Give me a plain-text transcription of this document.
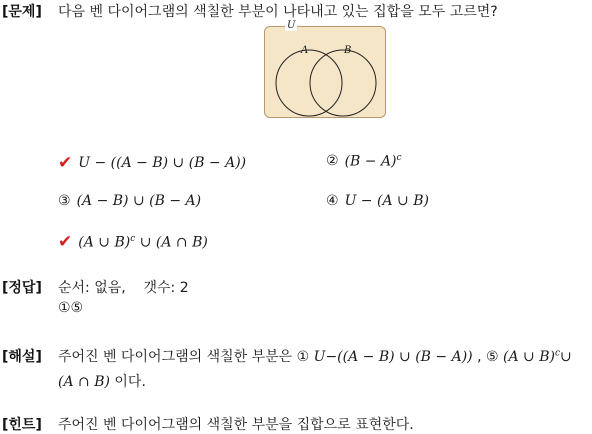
[문제] 다음 벤 다이어그램의 색칠한 부분이 나타내고 있는 집합을 모두 고르면?
U
A	B
✔ U − ((A − B) ∪ (B − A))	② $(B - A)^c$
③ (A − B) ∪ (B − A)	④ U − (A ∪ B)
✔ (A ∪ B)$^c$ ∪ (A ∩ B)
[정답] 순서: 없음,    갯수: 2
①⑤
[해설] 주어진 벤 다이어그램의 색칠한 부분은 ① U−((A − B) ∪ (B − A)) , ⑤ (A ∪ B)$^c$∪
(A ∩ B) 이다.
[힌트] 주어진 벤 다이어그램의 색칠한 부분을 집합으로 표현한다.
